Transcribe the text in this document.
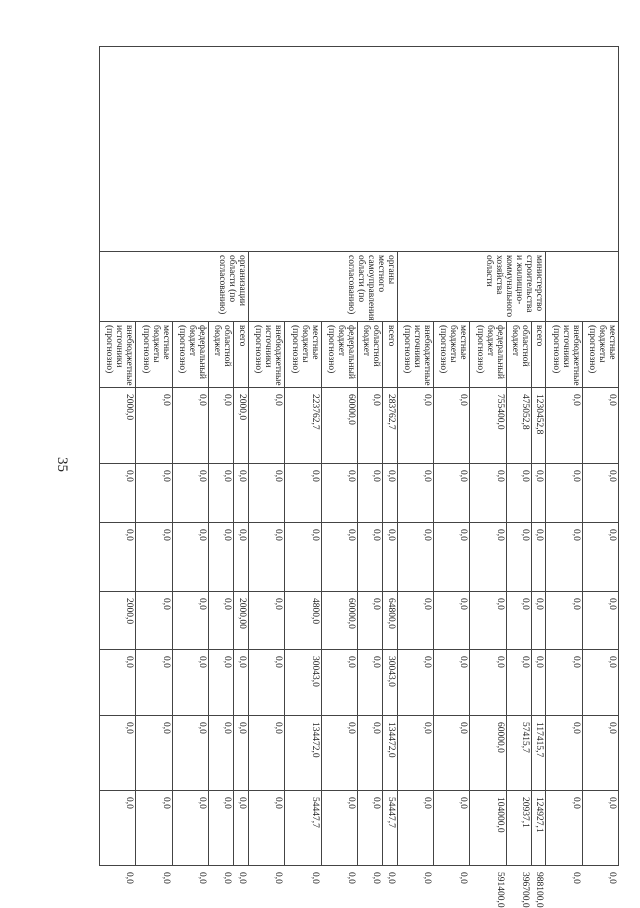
35
		местные бюджеты (прогнозно)	0,0	0,0	0,0	0,0	0,0	0,0	0,0	0,0
		внебюджетные источники (прогнозно)	0,0	0,0	0,0	0,0	0,0	0,0	0,0	0,0
	министерство строительства и жилищно-коммунального хозяйства области	всего	1230452,8	0,0	0,0	0,0	0,0	117415,7	124927,1	988100,0
		областной бюджет	475052,8	0,0	0,0	0,0	0,0	57415,7	20937,1	396700,0
		федеральный бюджет (прогнозно)	755400,0	0,0	0,0	0,0	0,0	60000,0	104000,0	591400,0
		местные бюджеты (прогнозно)	0,0	0,0	0,0	0,0	0,0	0,0	0,0	0,0
		внебюджетные источники (прогнозно)	0,0	0,0	0,0	0,0	0,0	0,0	0,0	0,0
	органы местного самоуправления области (по согласованию)	всего	283762,7	0,0	0,0	64800,0	30043,0	134472,0	54447,7	0,0
		областной бюджет	0,0	0,0	0,0	0,0	0,0	0,0	0,0	0,0
		федеральный бюджет (прогнозно)	60000,0	0,0	0,0	60000,0	0,0	0,0	0,0	0,0
		местные бюджеты (прогнозно)	223762,7	0,0	0,0	4800,0	30043,0	134472,0	54447,7	0,0
		внебюджетные источники (прогнозно)	0,0	0,0	0,0	0,0	0,0	0,0	0,0	0,0
	организации области (по согласованию)	всего	2000,0	0,0	0,0	2000,00	0,0	0,0	0,0	0,0
		областной бюджет	0,0	0,0	0,0	0,0	0,0	0,0	0,0	0,0
		федеральный бюджет (прогнозно)	0,0	0,0	0,0	0,0	0,0	0,0	0,0	0,0
		местные бюджеты (прогнозно)	0,0	0,0	0,0	0,0	0,0	0,0	0,0	0,0
		внебюджетные источники (прогнозно)	2000,0	0,0	0,0	2000,0	0,0	0,0	0,0	0,0
